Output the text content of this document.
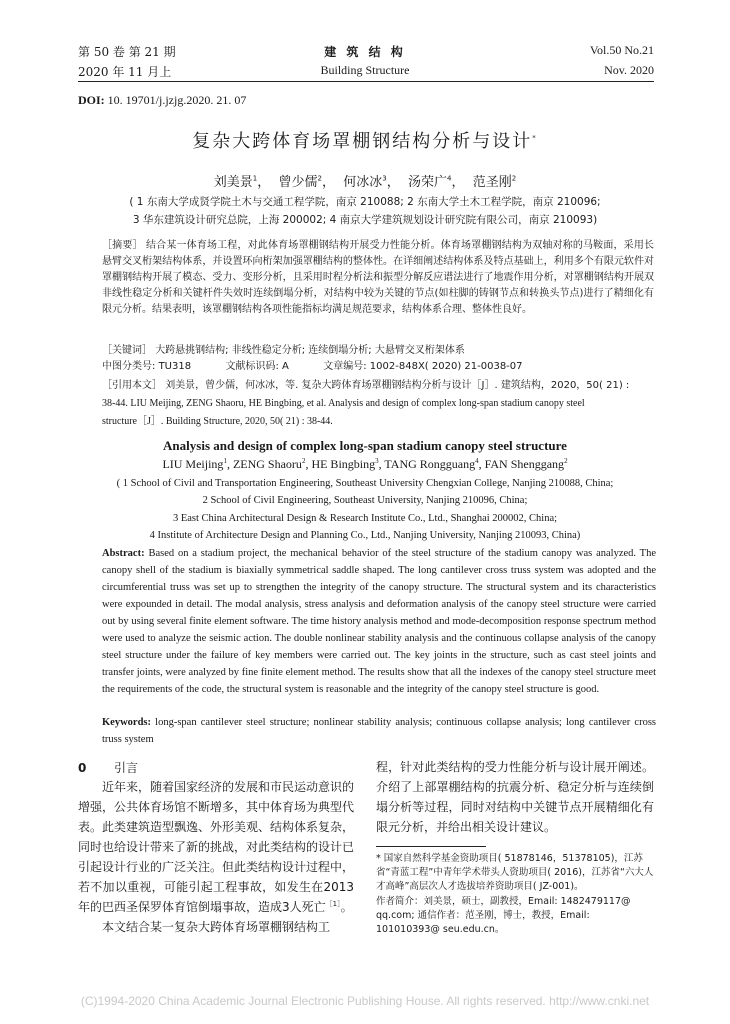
第 50 卷 第 21 期
2020 年 11 月上
建 筑 结 构
Building Structure
Vol.50 No.21
Nov. 2020
DOI: 10. 19701/j.jzjg.2020. 21. 07
复杂大跨体育场罩棚钢结构分析与设计*
刘美景$^1$，  曾少儒$^2$，  何冰冰$^3$，  汤荣广$^4$，  范圣刚$^2$
( 1 东南大学成贤学院土木与交通工程学院，南京 210088; 2 东南大学土木工程学院，南京 210096;
3 华东建筑设计研究总院，上海 200002; 4 南京大学建筑规划设计研究院有限公司，南京 210093)
［摘要］ 结合某一体育场工程，对此体育场罩棚钢结构开展受力性能分析。体育场罩棚钢结构为双轴对称的马鞍面，采用长悬臂交叉桁架结构体系，并设置环向桁架加强罩棚结构的整体性。在详细阐述结构体系及特点基础上，利用多个有限元软件对罩棚钢结构开展了模态、受力、变形分析，且采用时程分析法和振型分解反应谱法进行了地震作用分析，对罩棚钢结构开展双非线性稳定分析和关键杆件失效时连续倒塌分析，对结构中较为关键的节点(如柱脚的铸钢节点和转换头节点)进行了精细化有限元分析。结果表明，该罩棚钢结构各项性能指标均满足规范要求，结构体系合理、整体性良好。
［关键词］ 大跨悬挑钢结构; 非线性稳定分析; 连续倒塌分析; 大悬臂交叉桁架体系
中图分类号: TU318	文献标识码: A	文章编号: 1002-848X( 2020) 21-0038-07
［引用本文］ 刘美景，曾少儒，何冰冰，等. 复杂大跨体育场罩棚钢结构分析与设计［J］. 建筑结构，2020，50( 21) :
38-44. LIU Meijing, ZENG Shaoru, HE Bingbing, et al. Analysis and design of complex long-span stadium canopy steel
structure［J］. Building Structure, 2020, 50( 21) : 38-44.
Analysis and design of complex long-span stadium canopy steel structure
LIU Meijing$^1$, ZENG Shaoru$^2$, HE Bingbing$^3$, TANG Rongguang$^4$, FAN Shenggang$^2$
( 1 School of Civil and Transportation Engineering, Southeast University Chengxian College, Nanjing 210088, China;
2 School of Civil Engineering, Southeast University, Nanjing 210096, China;
3 East China Architectural Design & Research Institute Co., Ltd., Shanghai 200002, China;
4 Institute of Architecture Design and Planning Co., Ltd., Nanjing University, Nanjing 210093, China)
Abstract: Based on a stadium project, the mechanical behavior of the steel structure of the stadium canopy was analyzed. The canopy shell of the stadium is biaxially symmetrical saddle shaped. The long cantilever cross truss system was adopted and the circumferential truss was set up to strengthen the integrity of the canopy structure. The structural system and its characteristics were expounded in detail. The modal analysis, stress analysis and deformation analysis of the canopy steel structure were carried out by using several finite element software. The time history analysis method and mode-decomposition response spectrum method were used to analyze the seismic action. The double nonlinear stability analysis and the continuous collapse analysis of the canopy steel structure under the failure of key members were carried out. The key joints in the structure, such as cast steel joints and transfer joints, were analyzed by fine finite element method. The results show that all the indexes of the canopy steel structure meet the requirements of the code, the structural system is reasonable and the integrity of the canopy steel structure is good.
Keywords: long-span cantilever steel structure; nonlinear stability analysis; continuous collapse analysis; long cantilever cross truss system
0 引言
近年来，随着国家经济的发展和市民运动意识的增强，公共体育场馆不断增多，其中体育场为典型代表。此类建筑造型飘逸、外形美观、结构体系复杂，同时也给设计带来了新的挑战，对此类结构的设计已引起设计行业的广泛关注。但此类结构设计过程中，若不加以重视，可能引起工程事故，如发生在2013年的巴西圣保罗体育馆倒塌事故，造成3人死亡$^{[1]}$。
本文结合某一复杂大跨体育场罩棚钢结构工
程，针对此类结构的受力性能分析与设计展开阐述。介绍了上部罩棚结构的抗震分析、稳定分析与连续倒塌分析等过程，同时对结构中关键节点开展精细化有限元分析，并给出相关设计建议。
* 国家自然科学基金资助项目( 51878146，51378105)，江苏省“青蓝工程”中青年学术带头人资助项目( 2016)，江苏省“六大人才高峰”高层次人才选拔培养资助项目( JZ-001)。
作者简介：刘美景，硕士，副教授，Email: 1482479117@ qq.com; 通信作者：范圣刚，博士，教授，Email: 101010393@ seu.edu.cn。
(C)1994-2020 China Academic Journal Electronic Publishing House. All rights reserved. http://www.cnki.net
